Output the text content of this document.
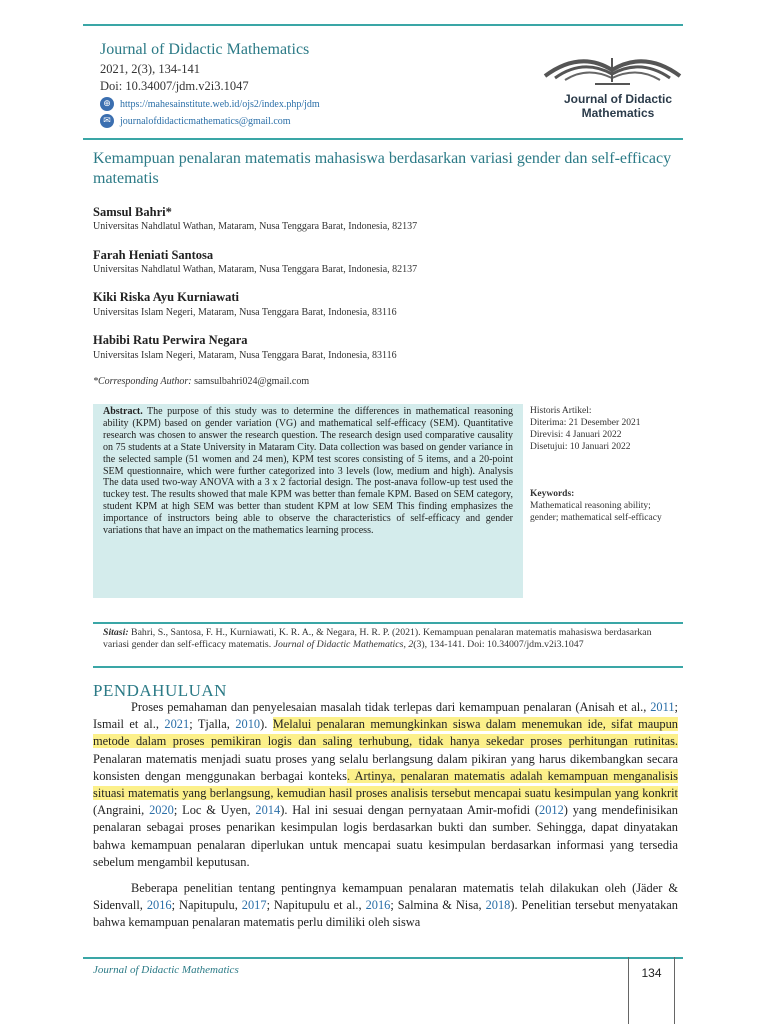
Journal of Didactic Mathematics
2021, 2(3), 134-141
Doi: 10.34007/jdm.v2i3.1047
⊕ https://mahesainstitute.web.id/ojs2/index.php/jdm
✉ journalofdidacticmathematics@gmail.com
Journal of Didactic
Mathematics
Kemampuan penalaran matematis mahasiswa berdasarkan variasi gender dan self-efficacy matematis
Samsul Bahri*
Universitas Nahdlatul Wathan, Mataram, Nusa Tenggara Barat, Indonesia, 82137
Farah Heniati Santosa
Universitas Nahdlatul Wathan, Mataram, Nusa Tenggara Barat, Indonesia, 82137
Kiki Riska Ayu Kurniawati
Universitas Islam Negeri, Mataram, Nusa Tenggara Barat, Indonesia, 83116
Habibi Ratu Perwira Negara
Universitas Islam Negeri, Mataram, Nusa Tenggara Barat, Indonesia, 83116
*Corresponding Author: samsulbahri024@gmail.com

Abstract. The purpose of this study was to determine the differences in mathematical reasoning ability (KPM) based on gender variation (VG) and mathematical self-efficacy (SEM). Quantitative research was chosen to answer the research question. The research design used comparative causality on 75 students at a State University in Mataram City. Data collection was based on gender variance in the selected sample (51 women and 24 men), KPM test scores consisting of 5 items, and a 20-point SEM questionnaire, which were further categorized into 3 levels (low, medium and high). Analysis The data used two-way ANOVA with a 3 x 2 factorial design. The post-anava follow-up test used the tuckey test. The results showed that male KPM was better than female KPM. Based on SEM category, student KPM at high SEM was better than student KPM at low SEM This finding emphasizes the importance of instructors being able to observe the characteristics of self-efficacy and gender variations that have an impact on the mathematics learning process.

Historis Artikel:
Diterima: 21 Desember 2021
Direvisi: 4 Januari 2022
Disetujui: 10 Januari 2022
Keywords:
Mathematical reasoning ability; gender; mathematical self-efficacy

Sitasi: Bahri, S., Santosa, F. H., Kurniawati, K. R. A., & Negara, H. R. P. (2021). Kemampuan penalaran matematis mahasiswa berdasarkan variasi gender dan self-efficacy matematis. Journal of Didactic Mathematics, 2(3), 134-141. Doi: 10.34007/jdm.v2i3.1047

PENDAHULUAN

Proses pemahaman dan penyelesaian masalah tidak terlepas dari kemampuan penalaran (Anisah et al., 2011; Ismail et al., 2021; Tjalla, 2010). Melalui penalaran memungkinkan siswa dalam menemukan ide, sifat maupun metode dalam proses pemikiran logis dan saling terhubung, tidak hanya sekedar proses perhitungan rutinitas. Penalaran matematis menjadi suatu proses yang selalu berlangsung dalam pikiran yang harus dikembangkan secara konsisten dengan menggunakan berbagai konteks. Artinya, penalaran matematis adalah kemampuan menganalisis situasi matematis yang berlangsung, kemudian hasil proses analisis tersebut mencapai suatu kesimpulan yang konkrit (Angraini, 2020; Loc & Uyen, 2014). Hal ini sesuai dengan pernyataan Amir-mofidi (2012) yang mendefinisikan penalaran sebagai proses penarikan kesimpulan logis berdasarkan bukti dan sumber. Sehingga, dapat dinyatakan bahwa kemampuan penalaran diperlukan untuk mencapai suatu kesimpulan berdasarkan informasi yang tersedia sebelum mengambil keputusan.

Beberapa penelitian tentang pentingnya kemampuan penalaran matematis telah dilakukan oleh (Jäder & Sidenvall, 2016; Napitupulu, 2017; Napitupulu et al., 2016; Salmina & Nisa, 2018). Penelitian tersebut menyatakan bahwa kemampuan penalaran matematis perlu dimiliki oleh siswa

Journal of Didactic Mathematics	134
